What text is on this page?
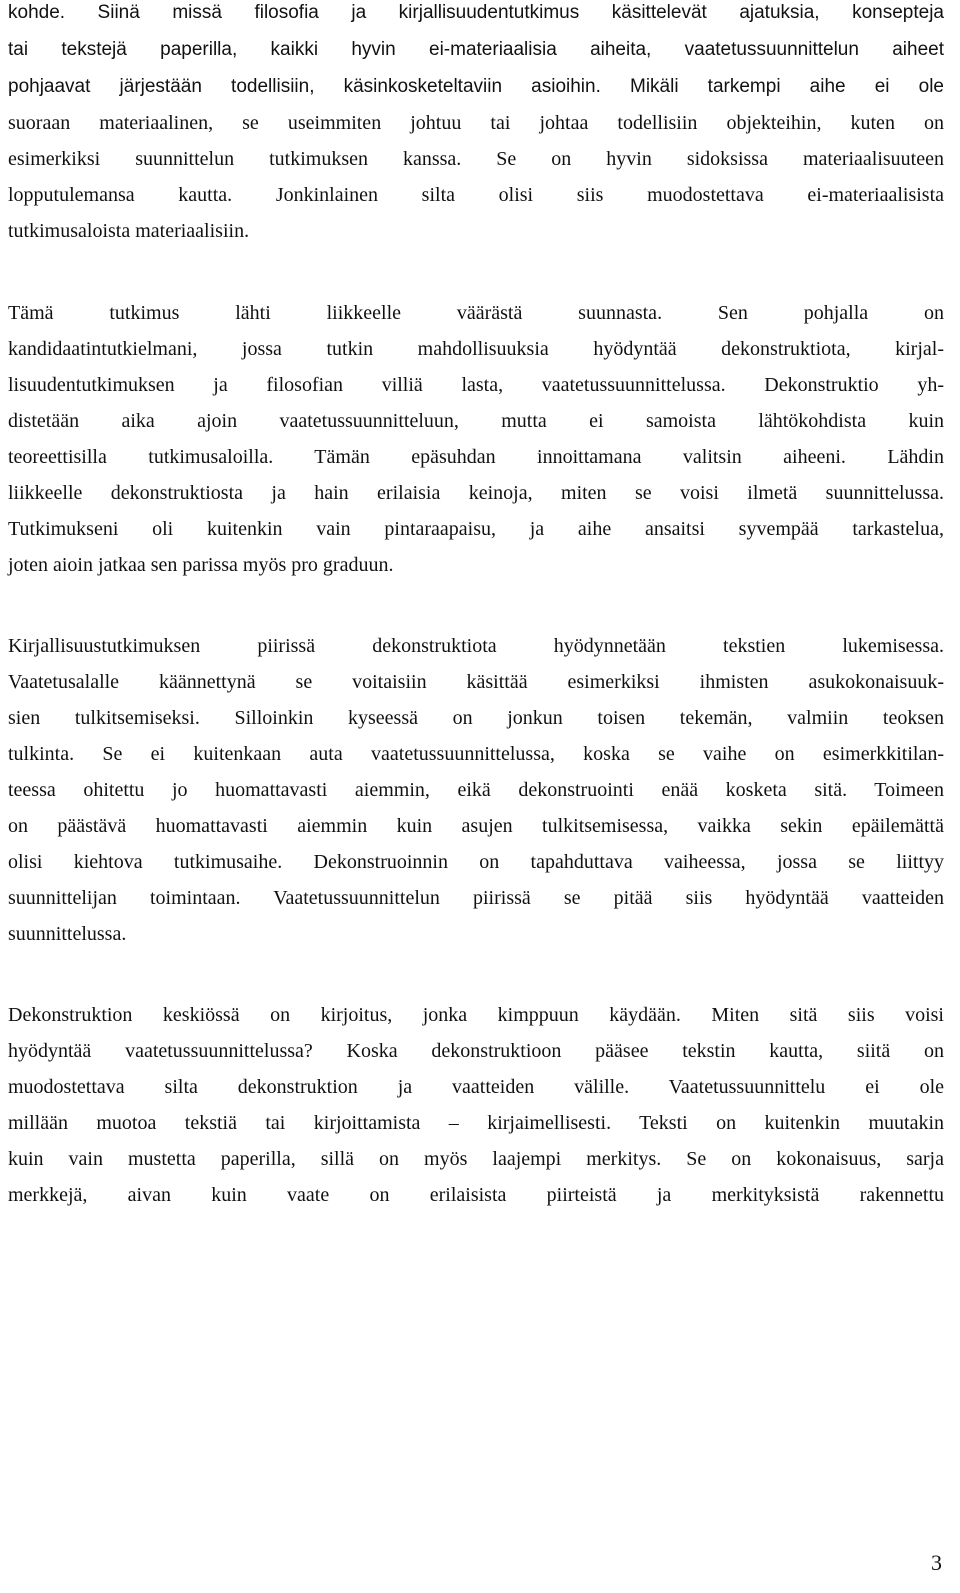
kohde. Siinä missä filosofia ja kirjallisuudentutkimus käsittelevät ajatuksia, konsepteja
tai tekstejä paperilla, kaikki hyvin ei-materiaalisia aiheita, vaatetussuunnittelun aiheet
pohjaavat järjestään todellisiin, käsinkosketeltaviin asioihin. Mikäli tarkempi aihe ei ole
suoraan materiaalinen, se useimmiten johtuu tai johtaa todellisiin objekteihin, kuten on
esimerkiksi suunnittelun tutkimuksen kanssa. Se on hyvin sidoksissa materiaalisuuteen
lopputulemansa kautta. Jonkinlainen silta olisi siis muodostettava ei-materiaalisista
tutkimusaloista materiaalisiin.
Tämä tutkimus lähti liikkeelle väärästä suunnasta. Sen pohjalla on
kandidaatintutkielmani, jossa tutkin mahdollisuuksia hyödyntää dekonstruktiota, kirjal-
lisuudentutkimuksen ja filosofian villiä lasta, vaatetussuunnittelussa. Dekonstruktio yh-
distetään aika ajoin vaatetussuunnitteluun, mutta ei samoista lähtökohdista kuin
teoreettisilla tutkimusaloilla. Tämän epäsuhdan innoittamana valitsin aiheeni. Lähdin
liikkeelle dekonstruktiosta ja hain erilaisia keinoja, miten se voisi ilmetä suunnittelussa.
Tutkimukseni oli kuitenkin vain pintaraapaisu, ja aihe ansaitsi syvempää tarkastelua,
joten aioin jatkaa sen parissa myös pro graduun.
Kirjallisuustutkimuksen piirissä dekonstruktiota hyödynnetään tekstien lukemisessa.
Vaatetusalalle käännettynä se voitaisiin käsittää esimerkiksi ihmisten asukokonaisuuk-
sien tulkitsemiseksi. Silloinkin kyseessä on jonkun toisen tekemän, valmiin teoksen
tulkinta. Se ei kuitenkaan auta vaatetussuunnittelussa, koska se vaihe on esimerkkitilan-
teessa ohitettu jo huomattavasti aiemmin, eikä dekonstruointi enää kosketa sitä. Toimeen
on päästävä huomattavasti aiemmin kuin asujen tulkitsemisessa, vaikka sekin epäilemättä
olisi kiehtova tutkimusaihe. Dekonstruoinnin on tapahduttava vaiheessa, jossa se liittyy
suunnittelijan toimintaan. Vaatetussuunnittelun piirissä se pitää siis hyödyntää vaatteiden
suunnittelussa.
Dekonstruktion keskiössä on kirjoitus, jonka kimppuun käydään. Miten sitä siis voisi
hyödyntää vaatetussuunnittelussa? Koska dekonstruktioon pääsee tekstin kautta, siitä on
muodostettava silta dekonstruktion ja vaatteiden välille. Vaatetussuunnittelu ei ole
millään muotoa tekstiä tai kirjoittamista – kirjaimellisesti. Teksti on kuitenkin muutakin
kuin vain mustetta paperilla, sillä on myös laajempi merkitys. Se on kokonaisuus, sarja
merkkejä, aivan kuin vaate on erilaisista piirteistä ja merkityksistä rakennettu
3
